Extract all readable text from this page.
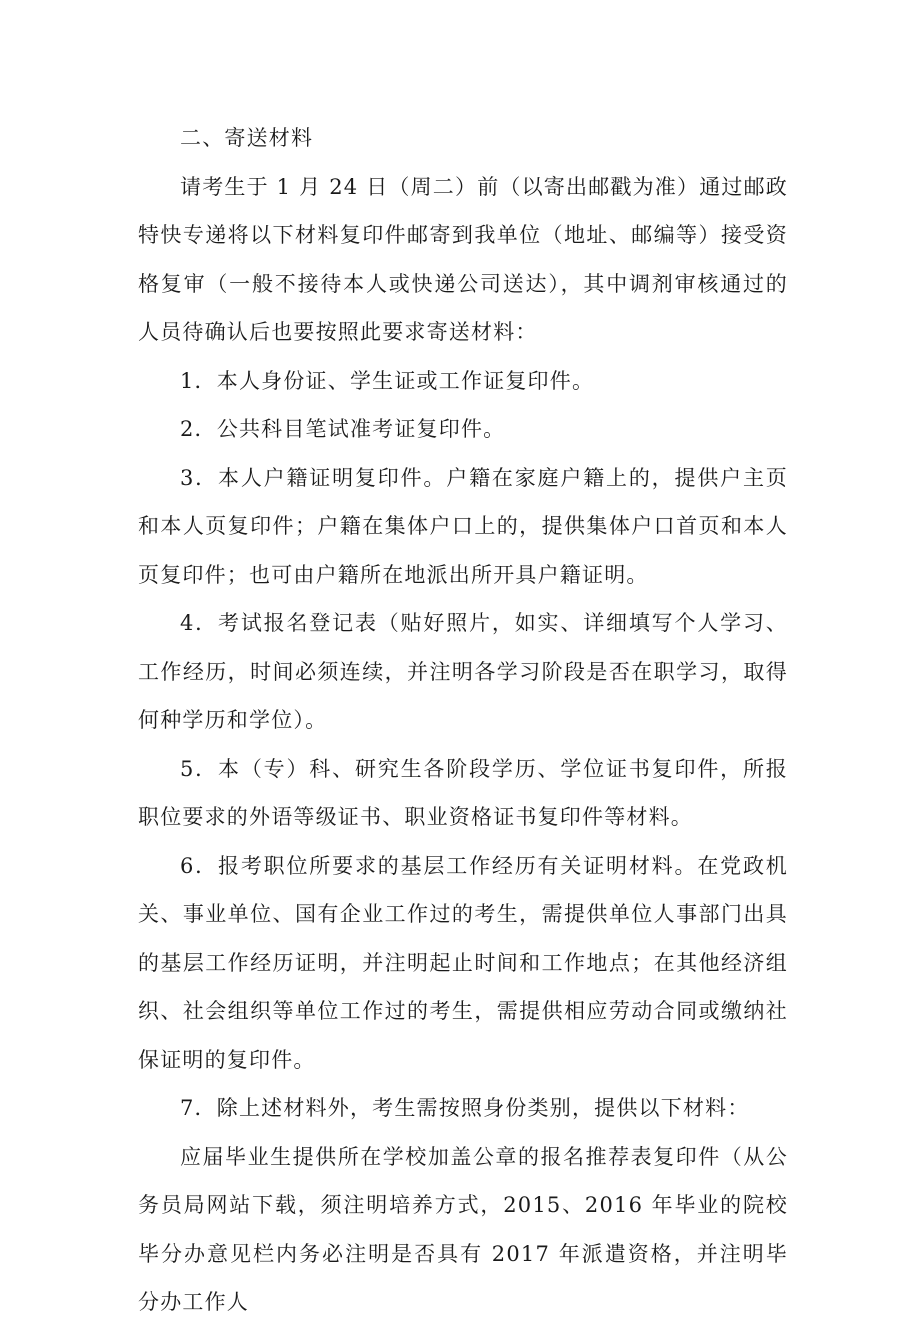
二、寄送材料

请考生于 1 月 24 日（周二）前（以寄出邮戳为准）通过邮政特快专递将以下材料复印件邮寄到我单位（地址、邮编等）接受资格复审（一般不接待本人或快递公司送达），其中调剂审核通过的人员待确认后也要按照此要求寄送材料：

1．本人身份证、学生证或工作证复印件。

2．公共科目笔试准考证复印件。

3．本人户籍证明复印件。户籍在家庭户籍上的，提供户主页和本人页复印件；户籍在集体户口上的，提供集体户口首页和本人页复印件；也可由户籍所在地派出所开具户籍证明。

4．考试报名登记表（贴好照片，如实、详细填写个人学习、工作经历，时间必须连续，并注明各学习阶段是否在职学习，取得何种学历和学位）。

5．本（专）科、研究生各阶段学历、学位证书复印件，所报职位要求的外语等级证书、职业资格证书复印件等材料。

6．报考职位所要求的基层工作经历有关证明材料。在党政机关、事业单位、国有企业工作过的考生，需提供单位人事部门出具的基层工作经历证明，并注明起止时间和工作地点；在其他经济组织、社会组织等单位工作过的考生，需提供相应劳动合同或缴纳社保证明的复印件。

7．除上述材料外，考生需按照身份类别，提供以下材料：

应届毕业生提供所在学校加盖公章的报名推荐表复印件（从公务员局网站下载，须注明培养方式，2015、2016 年毕业的院校毕分办意见栏内务必注明是否具有 2017 年派遣资格，并注明毕分办工作人
